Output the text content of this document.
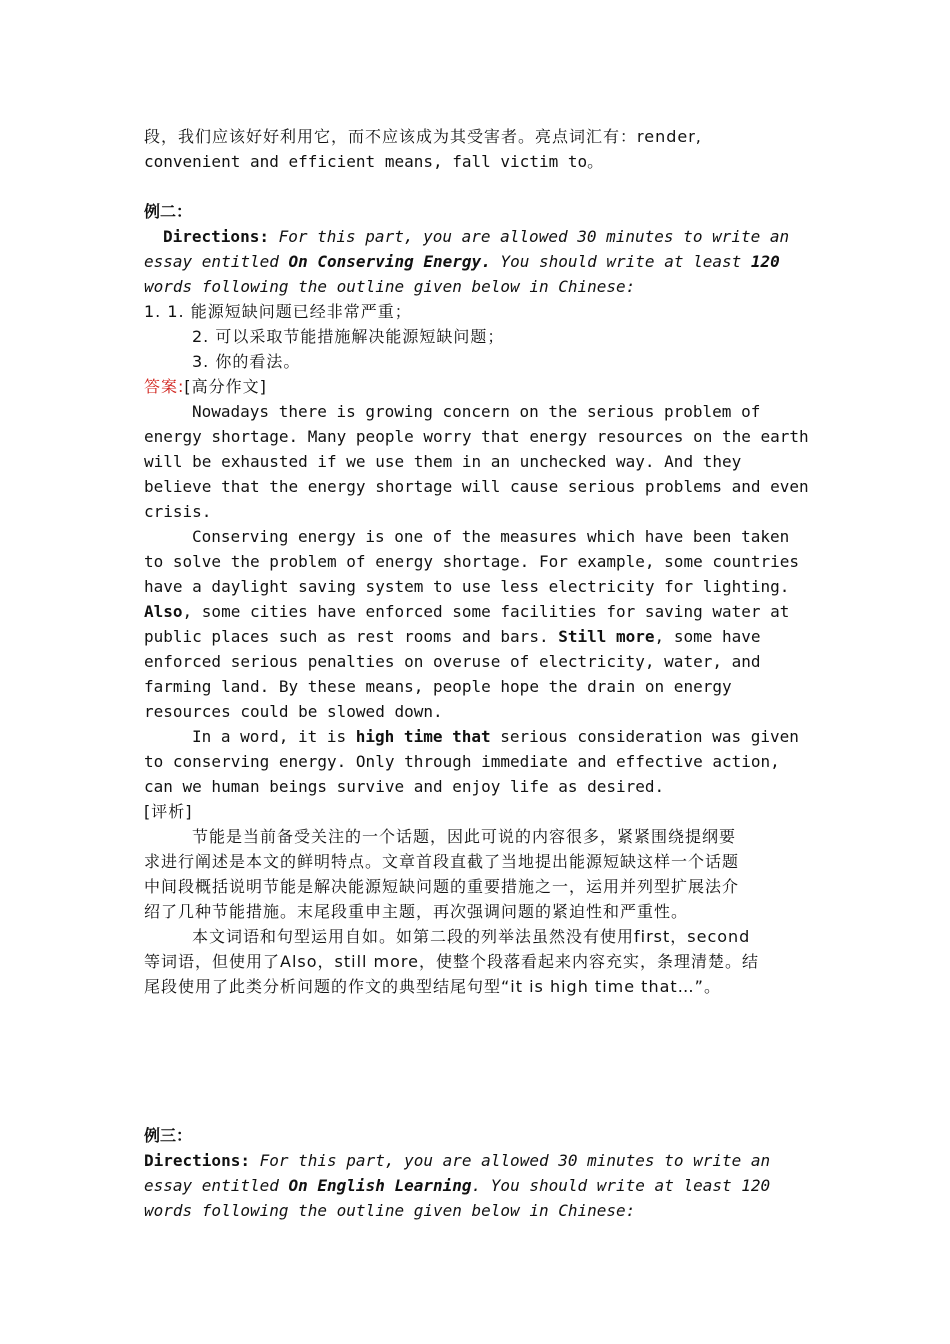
段，我们应该好好利用它，而不应该成为其受害者。亮点词汇有：render,
convenient and efficient means, fall victim to。
例二：
Directions: For this part, you are allowed 30 minutes to write an
essay entitled On Conserving Energy. You should write at least 120
words following the outline given below in Chinese:
1. 1. 能源短缺问题已经非常严重；
2. 可以采取节能措施解决能源短缺问题；
3. 你的看法。
答案:[高分作文]
Nowadays there is growing concern on the serious problem of
energy shortage. Many people worry that energy resources on the earth
will be exhausted if we use them in an unchecked way. And they
believe that the energy shortage will cause serious problems and even
crisis.
Conserving energy is one of the measures which have been taken
to solve the problem of energy shortage. For example, some countries
have a daylight saving system to use less electricity for lighting.
Also, some cities have enforced some facilities for saving water at
public places such as rest rooms and bars. Still more, some have
enforced serious penalties on overuse of electricity, water, and
farming land. By these means, people hope the drain on energy
resources could be slowed down.
In a word, it is high time that serious consideration was given
to conserving energy. Only through immediate and effective action,
can we human beings survive and enjoy life as desired.
[评析]
节能是当前备受关注的一个话题，因此可说的内容很多，紧紧围绕提纲要
求进行阐述是本文的鲜明特点。文章首段直截了当地提出能源短缺这样一个话题
中间段概括说明节能是解决能源短缺问题的重要措施之一，运用并列型扩展法介
绍了几种节能措施。末尾段重申主题，再次强调问题的紧迫性和严重性。
本文词语和句型运用自如。如第二段的列举法虽然没有使用first，second
等词语，但使用了Also，still more，使整个段落看起来内容充实，条理清楚。结
尾段使用了此类分析问题的作文的典型结尾句型“it is high time that…”。
例三：
Directions: For this part, you are allowed 30 minutes to write an
essay entitled On English Learning. You should write at least 120
words following the outline given below in Chinese:
